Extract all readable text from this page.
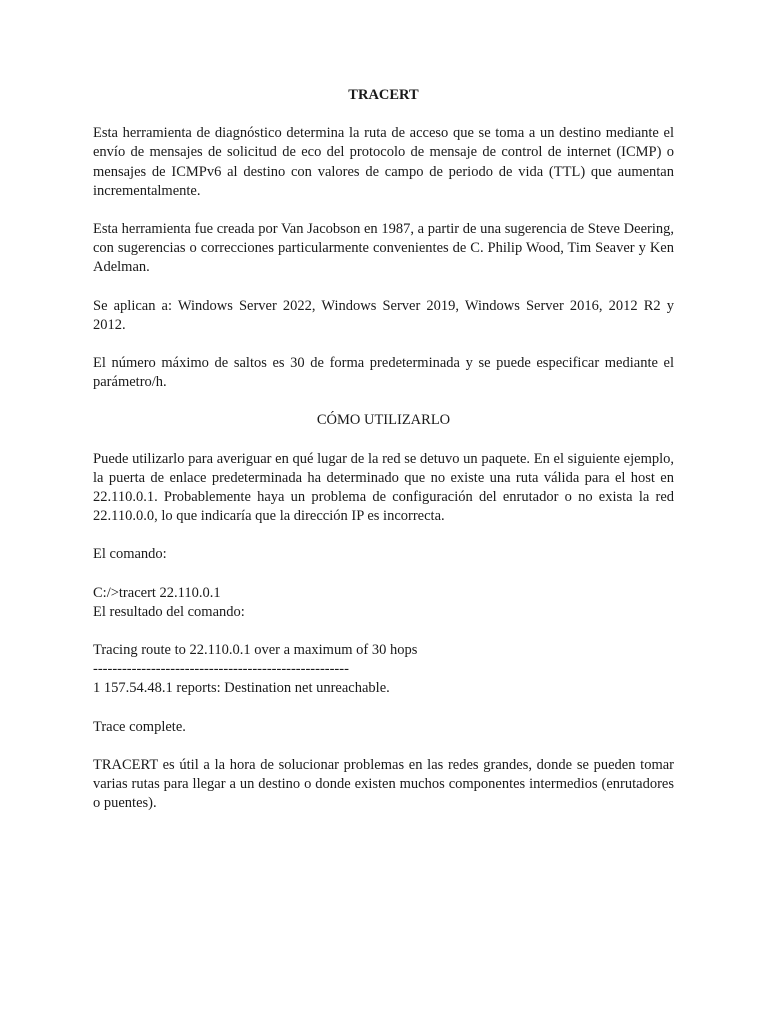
TRACERT

Esta herramienta de diagnóstico determina la ruta de acceso que se toma a un destino mediante el envío de mensajes de solicitud de eco del protocolo de mensaje de control de internet (ICMP) o mensajes de ICMPv6 al destino con valores de campo de periodo de vida (TTL) que aumentan incrementalmente.

Esta herramienta fue creada por Van Jacobson en 1987, a partir de una sugerencia de Steve Deering, con sugerencias o correcciones particularmente convenientes de C. Philip Wood, Tim Seaver y Ken Adelman.

Se aplican a: Windows Server 2022, Windows Server 2019, Windows Server 2016, 2012 R2 y 2012.

El número máximo de saltos es 30 de forma predeterminada y se puede especificar mediante el parámetro/h.

CÓMO UTILIZARLO

Puede utilizarlo para averiguar en qué lugar de la red se detuvo un paquete. En el siguiente ejemplo, la puerta de enlace predeterminada ha determinado que no existe una ruta válida para el host en 22.110.0.1. Probablemente haya un problema de configuración del enrutador o no exista la red 22.110.0.0, lo que indicaría que la dirección IP es incorrecta.

El comando:

C:/>tracert 22.110.0.1
El resultado del comando:
Tracing route to 22.110.0.1 over a maximum of 30 hops
-----------------------------------------------------
1 157.54.48.1 reports: Destination net unreachable.

Trace complete.

TRACERT es útil a la hora de solucionar problemas en las redes grandes, donde se pueden tomar varias rutas para llegar a un destino o donde existen muchos componentes intermedios (enrutadores o puentes).
